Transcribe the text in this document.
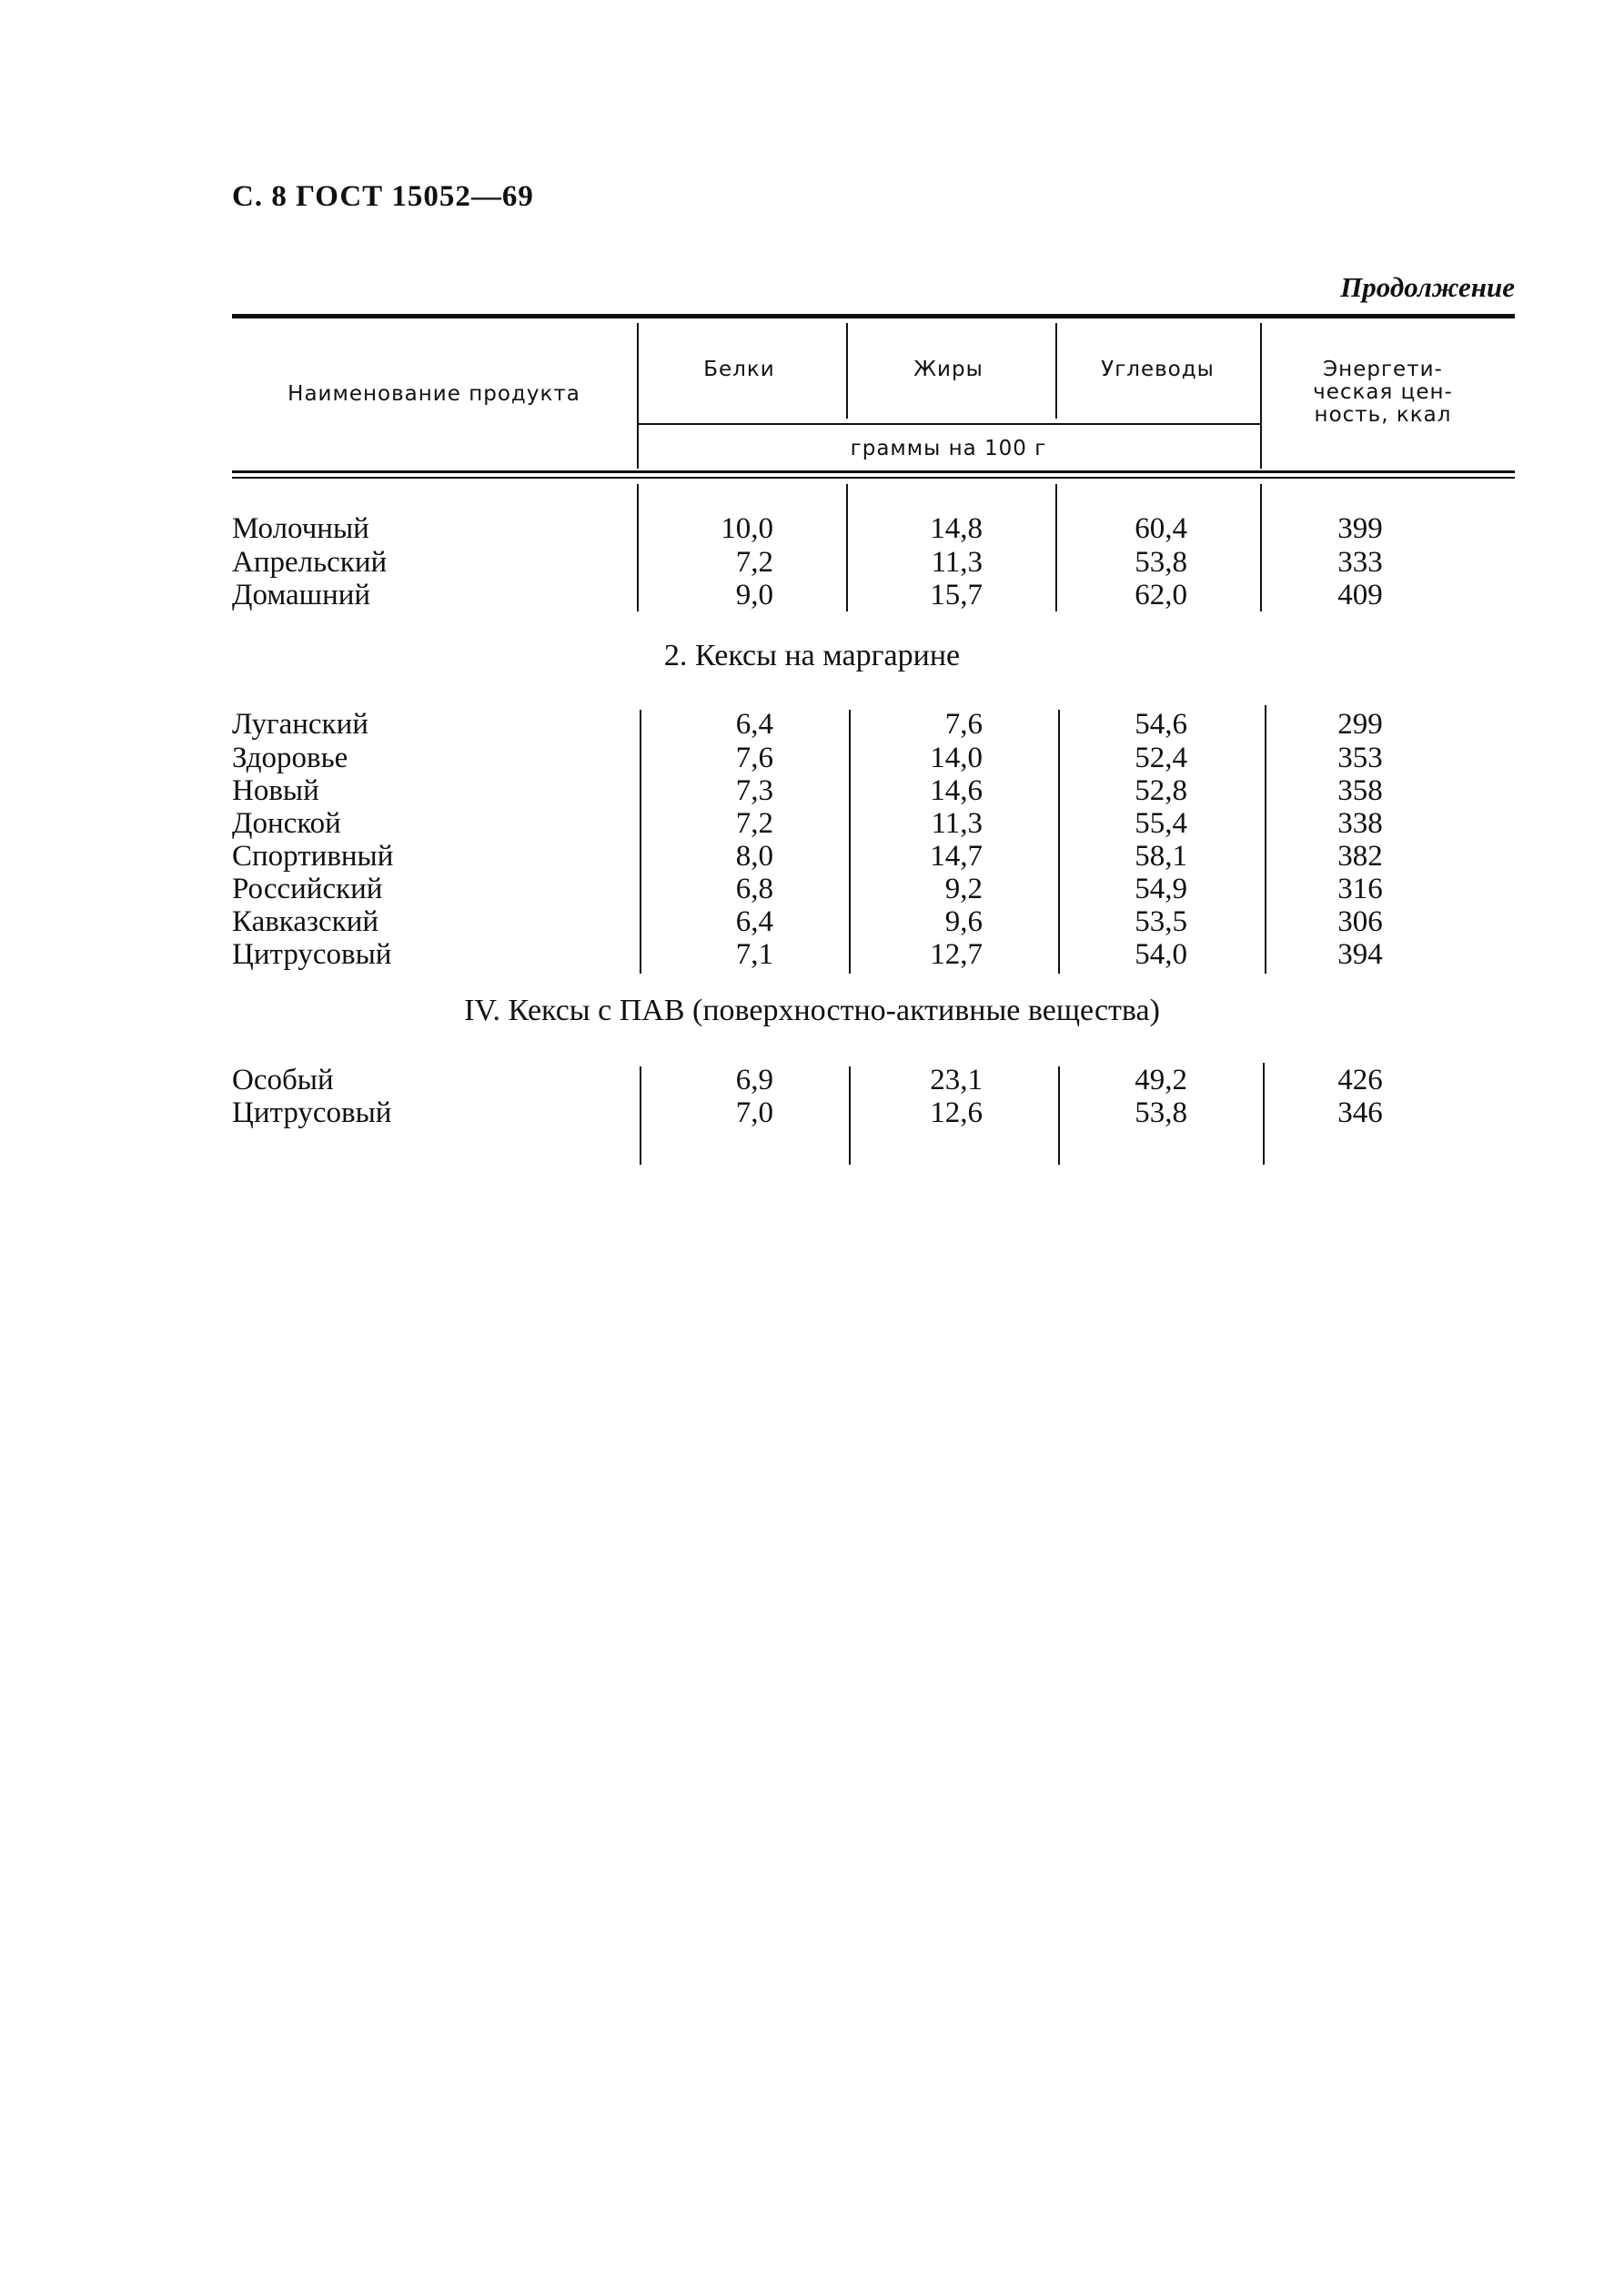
С. 8 ГОСТ 15052—69
Продолжение
Наименование продукта
Белки	Жиры	Углеводы	Энергети-
ческая цен-
ность, ккал
граммы на 100 г
Молочный	10,0	14,8	60,4	399
Апрельский	7,2	11,3	53,8	333
Домашний	9,0	15,7	62,0	409
2. Кексы на маргарине
Луганский	6,4	7,6	54,6	299
Здоровье	7,6	14,0	52,4	353
Новый	7,3	14,6	52,8	358
Донской	7,2	11,3	55,4	338
Спортивный	8,0	14,7	58,1	382
Российский	6,8	9,2	54,9	316
Кавказский	6,4	9,6	53,5	306
Цитрусовый	7,1	12,7	54,0	394
IV. Кексы с ПАВ (поверхностно-активные вещества)
Особый	6,9	23,1	49,2	426
Цитрусовый	7,0	12,6	53,8	346
